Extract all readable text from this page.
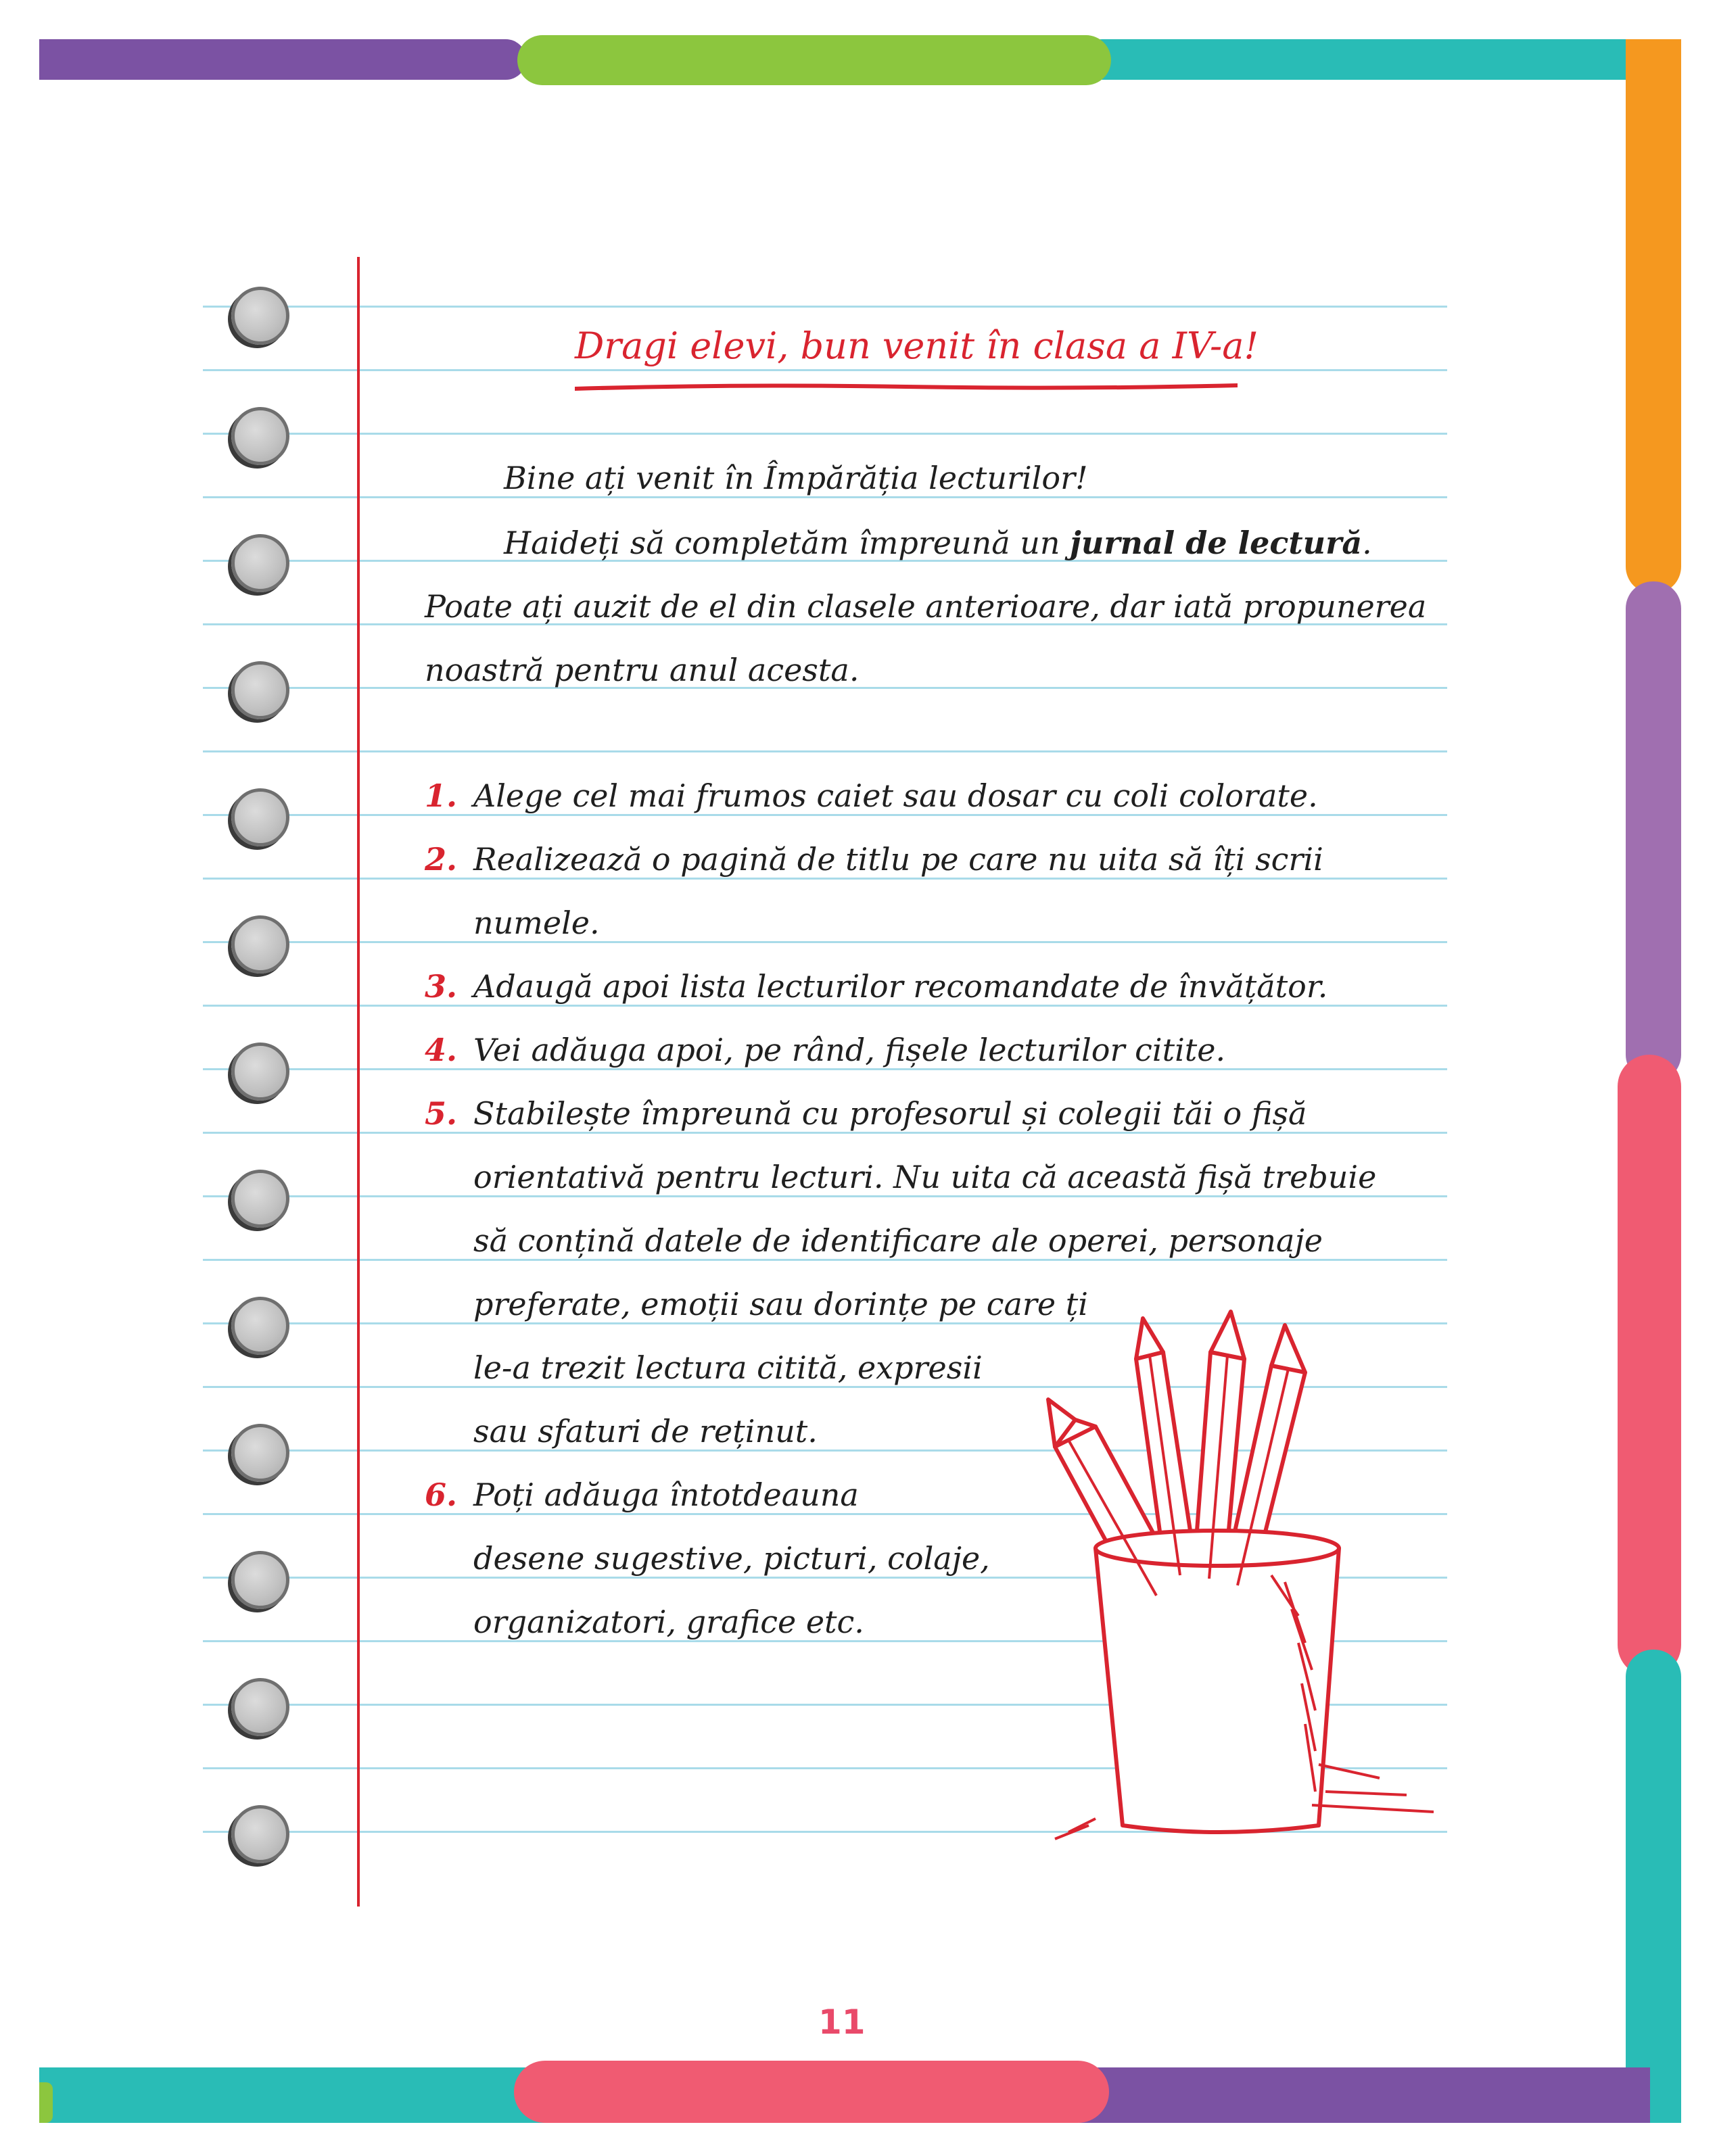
Dragi elevi, bun venit în clasa a IV-a!
Bine ați venit în Împărăția lecturilor!
Haideți să completăm împreună un jurnal de lectură.
Poate ați auzit de el din clasele anterioare, dar iată propunerea
noastră pentru anul acesta.
1. Alege cel mai frumos caiet sau dosar cu coli colorate.
2. Realizează o pagină de titlu pe care nu uita să îți scrii
numele.
3. Adaugă apoi lista lecturilor recomandate de învățător.
4. Vei adăuga apoi, pe rând, fișele lecturilor citite.
5. Stabilește împreună cu profesorul și colegii tăi o fișă
orientativă pentru lecturi. Nu uita că această fișă trebuie
să conțină datele de identificare ale operei, personaje
preferate, emoții sau dorințe pe care ți
le-a trezit lectura citită, expresii
sau sfaturi de reținut.
6. Poți adăuga întotdeauna
desene sugestive, picturi, colaje,
organizatori, grafice etc.
11
